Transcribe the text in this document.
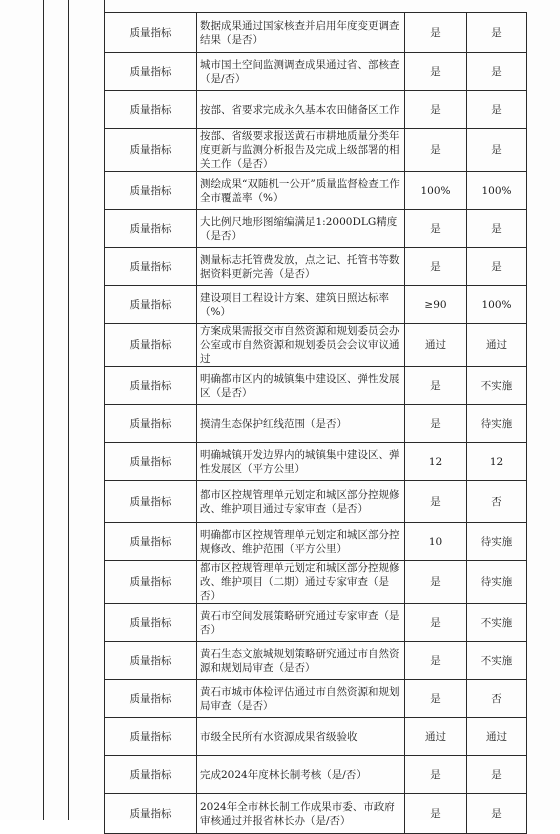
质量指标	数据成果通过国家核查并启用年度变更调查结果（是否）	是	是
质量指标	城市国土空间监测调查成果通过省、部核查（是/否）	是	是
质量指标	按部、省要求完成永久基本农田储备区工作	是	是
质量指标	按部、省级要求报送黄石市耕地质量分类年度更新与监测分析报告及完成上级部署的相关工作（是否）	是	是
质量指标	测绘成果“双随机一公开”质量监督检查工作全市覆盖率（%）	100%	100%
质量指标	大比例尺地形图缩编满足1:2000DLG精度（是否）	是	是
质量指标	测量标志托管费发放，点之记、托管书等数据资料更新完善（是否）	是	是
质量指标	建设项目工程设计方案、建筑日照达标率（%）	≥90	100%
质量指标	方案成果需报交市自然资源和规划委员会办公室或市自然资源和规划委员会会议审议通过	通过	通过
质量指标	明确都市区内的城镇集中建设区、弹性发展区（是否）	是	不实施
质量指标	摸清生态保护红线范围（是否）	是	待实施
质量指标	明确城镇开发边界内的城镇集中建设区、弹性发展区（平方公里）	12	12
质量指标	都市区控规管理单元划定和城区部分控规修改、维护项目通过专家审查（是否）	是	否
质量指标	明确都市区控规管理单元划定和城区部分控规修改、维护范围（平方公里）	10	待实施
质量指标	都市区控规管理单元划定和城区部分控规修改、维护项目（二期）通过专家审查（是否）	是	待实施
质量指标	黄石市空间发展策略研究通过专家审查（是否）	是	不实施
质量指标	黄石生态文旅城规划策略研究通过市自然资源和规划局审查（是否）	是	不实施
质量指标	黄石市城市体检评估通过市自然资源和规划局审查（是否）	是	否
质量指标	市级全民所有水资源成果省级验收	通过	通过
质量指标	完成2024年度林长制考核（是/否）	是	是
质量指标	2024年全市林长制工作成果市委、市政府审核通过并报省林长办（是/否）	是	是
